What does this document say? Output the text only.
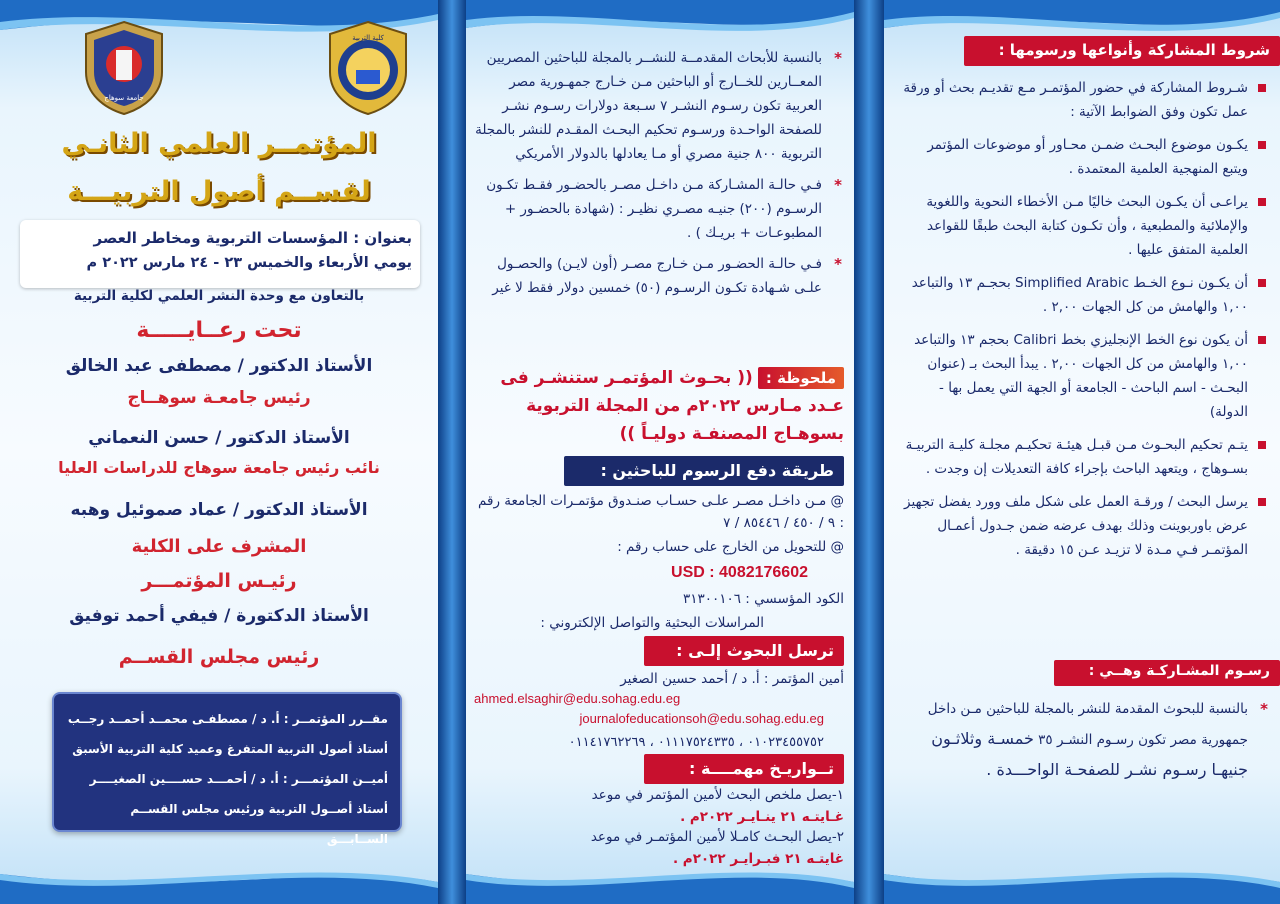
جامعة سوهاج
كلية التربية
المؤتمــر العلمي الثانـي
لقســم أصول التربيـــة
بعنوان : المؤسسات التربوية ومخاطر العصر
يومي الأربعاء والخميس ٢٣ - ٢٤ مارس ٢٠٢٢ م
بالتعاون مع وحدة النشر العلمي لكلية التربية
تحت رعــايـــــة
الأستاذ الدكتور / مصطفى عبد الخالق
رئيس جامعـة سوهــاج
الأستاذ الدكتور / حسن النعماني
نائب رئيس جامعة سوهاج للدراسات العليا
الأستاذ الدكتور / عماد صموئيل وهبه
المشرف على الكلية
رئيـس المؤتمـــر
الأستاذ الدكتورة / فيفي أحمد توفيق
رئيس مجلس القســم
مقــرر المؤتمــر : أ. د / مصطفـى محمــد أحمــد رجــب
أستاذ أصول التربية المتفرغ وعميد كلية التربية الأسبق
أميــن المؤتمـــر : أ. د / أحمـــد حســــين الصغيــــر
أستاذ أصــول التربية ورئيس مجلس القســم الســابـــق
*
بالنسبة للأبحاث المقدمــة للنشــر بالمجلة للباحثين المصريين المعــارين للخــارج أو الباحثين مـن خـارج جمهـورية مصر العربية تكون رسـوم النشـر ٧ سـبعة دولارات رسـوم نشـر للصفحة الواحـدة ورسـوم تحكيم البحـث المقـدم للنشر بالمجلة التربوية ٨٠٠ جنية مصري أو مـا يعادلها بالدولار الأمريكي
*
فـي حالـة المشـاركة مـن داخـل مصـر بالحضـور فقـط تكـون الرسـوم (٢٠٠) جنيـه مصـري نظيـر : (شهادة بالحضـور + المطبوعـات + بريـك ) .
*
فـي حالـة الحضـور مـن خـارج مصـر (أون لايـن) والحصـول علـى شـهادة تكـون الرسـوم (٥٠) خمسين دولار فقط لا غير
ملحوظة : (( بحـوث المؤتمـر ستنشـر فى عـدد مـارس ٢٠٢٢م من المجلة التربوية بسوهـاج المصنفـة دوليـاً ))
طريقة دفع الرسوم للباحثين :
@ مـن داخـل مصـر علـى حسـاب صنـدوق مؤتمـرات الجامعة رقم : ٩ / ٤٥٠ / ٨٥٤٤٦ / ٧
@ للتحويل من الخارج على حساب رقم :
USD : 4082176602
الكود المؤسسي : ٣١٣٠٠١٠٦
المراسلات البحثية والتواصل الإلكتروني :
ترسل البحوث إلـى :
أمين المؤتمر : أ. د / أحمد حسين الصغير
ahmed.elsaghir@edu.sohag.edu.eg
journalofeducationsoh@edu.sohag.edu.eg
٠١٠٢٣٤٥٥٧٥٢ ، ٠١١١٧٥٢٤٣٣٥ ، ٠١١٤١٧٦٢٢٦٩
تــواريـخ مهمــــة :
١-يصل ملخص البحث لأمين المؤتمر في موعد
غـايتـه ٢١ ينـايـر ٢٠٢٢م .
٢-يصل البحـث كامـلا لأمين المؤتمـر في موعد
غايتـه ٢١ فبـرايـر ٢٠٢٢م .
شروط المشاركة وأنواعها ورسومها :
شـروط المشاركة في حضور المؤتمـر مـع تقديـم بحث أو ورقة عمل تكون وفق الضوابط الآتية :
يكـون موضوع البحـث ضمـن محـاور أو موضوعات المؤتمر ويتبع المنهجية العلمية المعتمدة .
يراعـى أن يكـون البحث خاليًا مـن الأخطاء النحوية واللغوية والإملائية والمطبعية ، وأن تكـون كتابة البحث طبقًا للقواعد العلمية المتفق عليها .
أن يكـون نـوع الخـط Simplified Arabic بحجـم ١٣ والتباعد ١,٠٠ والهامش من كل الجهات ٢,٠٠ .
أن يكون نوع الخط الإنجليزي بخط Calibri بحجم ١٣ والتباعد ١,٠٠ والهامش من كل الجهات ٢,٠٠ . يبدأ البحث بـ (عنوان البحـث - اسم الباحث - الجامعة أو الجهة التي يعمل بها - الدولة)
يتـم تحكيم البحـوث مـن قبـل هيئـة تحكيـم مجلـة كليـة التربيـة بسـوهاج ، ويتعهد الباحث بإجراء كافة التعديلات إن وجدت .
يرسل البحث / ورقـة العمل على شكل ملف وورد يفضل تجهيز عرض باوربوينت وذلك بهدف عرضه ضمن جـدول أعمـال المؤتمـر فـي مـدة لا تزيـد عـن ١٥ دقيقة .
رسـوم المشـاركـة وهــي :
*
بالنسبة للبحوث المقدمة للنشر بالمجلة للباحثين مـن داخل جمهورية مصر تكون رسـوم النشـر ٣٥ خمسـة وثلاثـون جنيهـا رسـوم نشـر للصفحـة الواحـــدة .
